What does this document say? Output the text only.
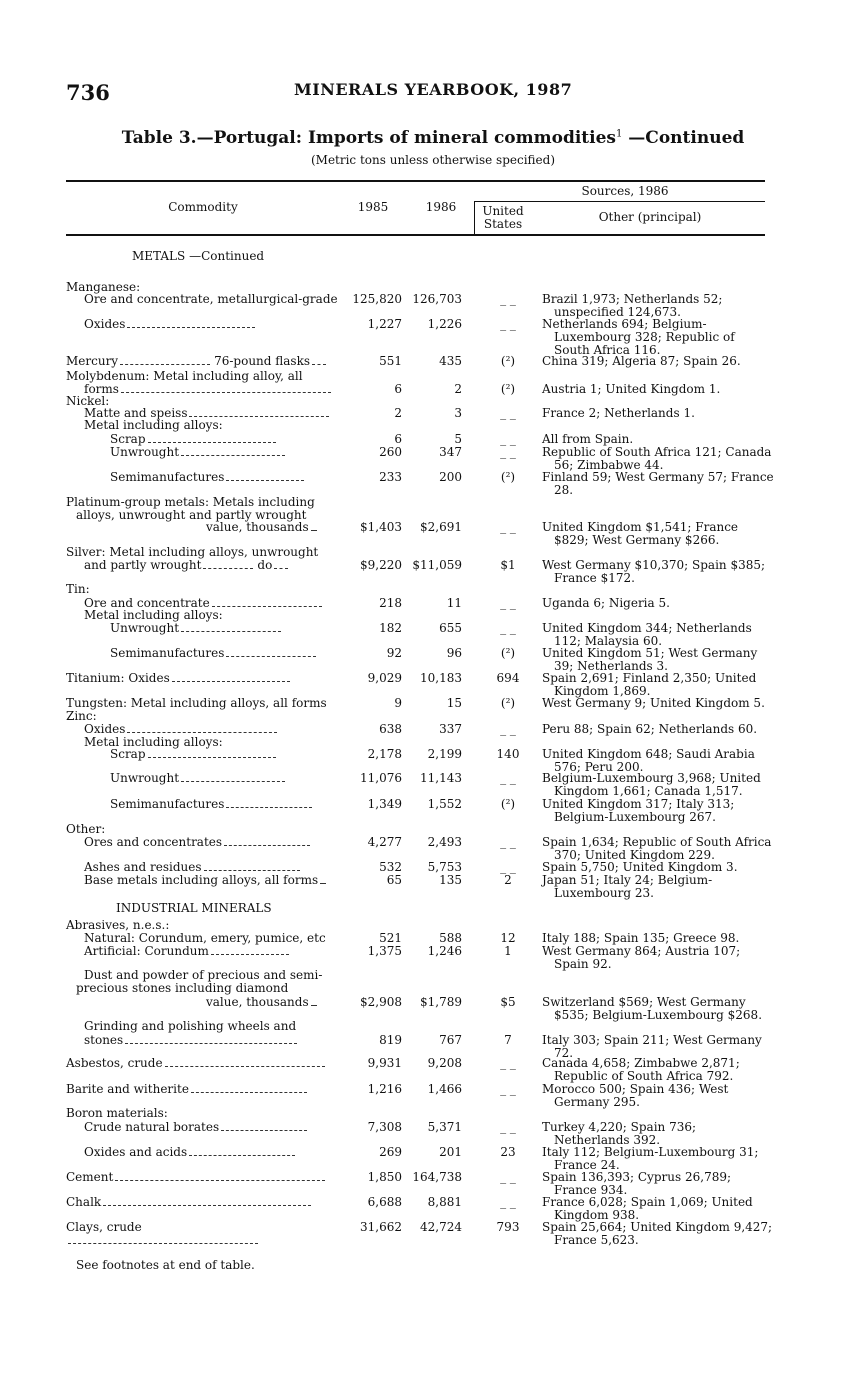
736	MINERALS YEARBOOK, 1987
Table 3.—Portugal: Imports of mineral commodities$^1$ —Continued
(Metric tons unless otherwise specified)
Commodity	1985	1986
Sources, 1986
United
States	Other (principal)
METALS —Continued
INDUSTRIAL MINERALS
Manganese:
Ore and concentrate, metallurgical-grade	125,820 126,703	_ _	Brazil 1,973; Netherlands 52; unspecified 124,673.
Oxides	1,227	1,226	_ _	Netherlands 694; Belgium-Luxembourg 328; Republic of South Africa 116.
Mercury	76-pound flasks	551	435	(²)	China 319; Algeria 87; Spain 26.
Molybdenum: Metal including alloy, all
forms	6	2	(²)	Austria 1; United Kingdom 1.
Nickel:
Matte and speiss	2	3	_ _	France 2; Netherlands 1.
Metal including alloys:
Scrap	6	5	_ _	All from Spain.
Unwrought	260	347	_ _	Republic of South Africa 121; Canada 56; Zimbabwe 44.
Semimanufactures	233	200	(²)	Finland 59; West Germany 57; France 28.
Platinum-group metals: Metals including
alloys, unwrought and partly wrought
value, thousands	$1,403	$2,691	_ _	United Kingdom $1,541; France $829; West Germany $266.
Silver: Metal including alloys, unwrought
and partly wrought	do	$9,220 $11,059	$1	West Germany $10,370; Spain $385; France $172.
Tin:
Ore and concentrate	218	11	_ _	Uganda 6; Nigeria 5.
Metal including alloys:
Unwrought	182	655	_ _	United Kingdom 344; Netherlands 112; Malaysia 60.
Semimanufactures	92	96	(²)	United Kingdom 51; West Germany 39; Netherlands 3.
Titanium: Oxides	9,029	10,183	694	Spain 2,691; Finland 2,350; United Kingdom 1,869.
Tungsten: Metal including alloys, all forms	9	15	(²)	West Germany 9; United Kingdom 5.
Zinc:
Oxides	638	337	_ _	Peru 88; Spain 62; Netherlands 60.
Metal including alloys:
Scrap	2,178	2,199	140	United Kingdom 648; Saudi Arabia 576; Peru 200.
Unwrought	11,076	11,143	_ _	Belgium-Luxembourg 3,968; United Kingdom 1,661; Canada 1,517.
Semimanufactures	1,349	1,552	(²)	United Kingdom 317; Italy 313; Belgium-Luxembourg 267.
Other:
Ores and concentrates	4,277	2,493	_ _	Spain 1,634; Republic of South Africa 370; United Kingdom 229.
Ashes and residues	532	5,753	_ _	Spain 5,750; United Kingdom 3.
Base metals including alloys, all forms	65	135	2	Japan 51; Italy 24; Belgium-Luxembourg 23.
Abrasives, n.e.s.:
Natural: Corundum, emery, pumice, etc	521	588	12	Italy 188; Spain 135; Greece 98.
Artificial: Corundum	1,375	1,246	1	West Germany 864; Austria 107; Spain 92.
Dust and powder of precious and semi-
precious stones including diamond
value, thousands	$2,908	$1,789	$5	Switzerland $569; West Germany $535; Belgium-Luxembourg $268.
Grinding and polishing wheels and
stones	819	767	7	Italy 303; Spain 211; West Germany 72.
Asbestos, crude	9,931	9,208	_ _	Canada 4,658; Zimbabwe 2,871; Republic of South Africa 792.
Barite and witherite	1,216	1,466	_ _	Morocco 500; Spain 436; West Germany 295.
Boron materials:
Crude natural borates	7,308	5,371	_ _	Turkey 4,220; Spain 736; Netherlands 392.
Oxides and acids	269	201	23	Italy 112; Belgium-Luxembourg 31; France 24.
Cement	1,850 164,738	_ _	Spain 136,393; Cyprus 26,789; France 934.
Chalk	6,688	8,881	_ _	France 6,028; Spain 1,069; United Kingdom 938.
Clays, crude	31,662	42,724	793	Spain 25,664; United Kingdom 9,427; France 5,623.
See footnotes at end of table.
